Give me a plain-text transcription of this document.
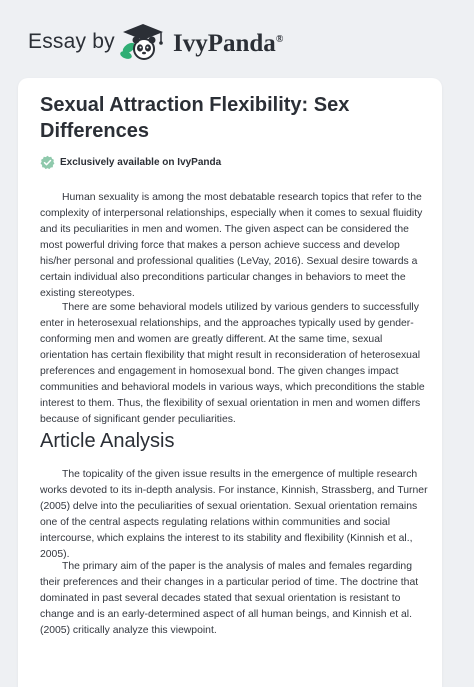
Essay by IvyPanda®
Sexual Attraction Flexibility: Sex Differences
Exclusively available on IvyPanda

Human sexuality is among the most debatable research topics that refer to the complexity of interpersonal relationships, especially when it comes to sexual fluidity and its peculiarities in men and women. The given aspect can be considered the most powerful driving force that makes a person achieve success and develop his/her personal and professional qualities (LeVay, 2016). Sexual desire towards a certain individual also preconditions particular changes in behaviors to meet the existing stereotypes.

There are some behavioral models utilized by various genders to successfully enter in heterosexual relationships, and the approaches typically used by gender-conforming men and women are greatly different. At the same time, sexual orientation has certain flexibility that might result in reconsideration of heterosexual preferences and engagement in homosexual bond. The given changes impact communities and behavioral models in various ways, which preconditions the stable interest to them. Thus, the flexibility of sexual orientation in men and women differs because of significant gender peculiarities.

Article Analysis

The topicality of the given issue results in the emergence of multiple research works devoted to its in-depth analysis. For instance, Kinnish, Strassberg, and Turner (2005) delve into the peculiarities of sexual orientation. Sexual orientation remains one of the central aspects regulating relations within communities and social intercourse, which explains the interest to its stability and flexibility (Kinnish et al., 2005).

The primary aim of the paper is the analysis of males and females regarding their preferences and their changes in a particular period of time. The doctrine that dominated in past several decades stated that sexual orientation is resistant to change and is an early-determined aspect of all human beings, and Kinnish et al. (2005) critically analyze this viewpoint.
